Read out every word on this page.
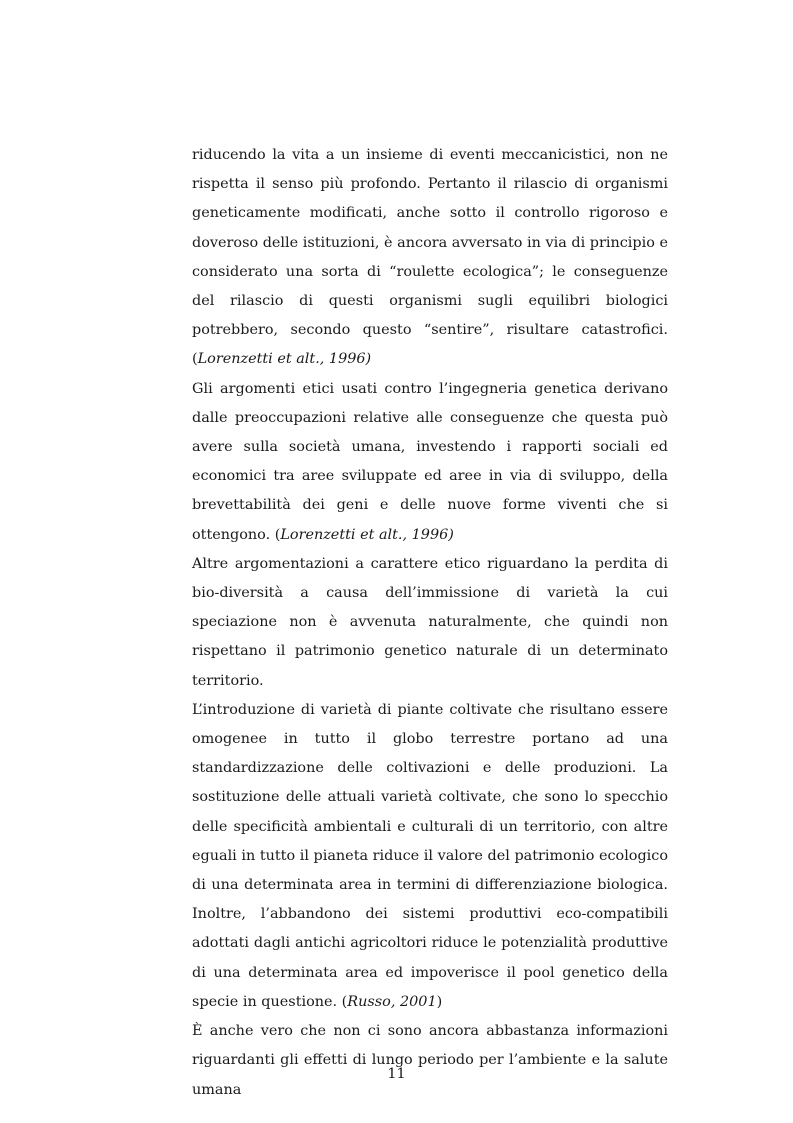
riducendo la vita a un insieme di eventi meccanicistici, non ne rispetta il senso più profondo. Pertanto il rilascio di organismi geneticamente modificati, anche sotto il controllo rigoroso e doveroso delle istituzioni, è ancora avversato in via di principio e considerato una sorta di “roulette ecologica”; le conseguenze del rilascio di questi organismi sugli equilibri biologici potrebbero, secondo questo “sentire”, risultare catastrofici. (Lorenzetti et alt., 1996)

Gli argomenti etici usati contro l’ingegneria genetica derivano dalle preoccupazioni relative alle conseguenze che questa può avere sulla società umana, investendo i rapporti sociali ed economici tra aree sviluppate ed aree in via di sviluppo, della brevettabilità dei geni e delle nuove forme viventi che si ottengono. (Lorenzetti et alt., 1996)

Altre argomentazioni a carattere etico riguardano la perdita di bio-diversità a causa dell’immissione di varietà la cui speciazione non è avvenuta naturalmente, che quindi non rispettano il patrimonio genetico naturale di un determinato territorio.

L’introduzione di varietà di piante coltivate che risultano essere omogenee in tutto il globo terrestre portano ad una standardizzazione delle coltivazioni e delle produzioni. La sostituzione delle attuali varietà coltivate, che sono lo specchio delle specificità ambientali e culturali di un territorio, con altre eguali in tutto il pianeta riduce il valore del patrimonio ecologico di una determinata area in termini di differenziazione biologica. Inoltre, l’abbandono dei sistemi produttivi eco-compatibili adottati dagli antichi agricoltori riduce le potenzialità produttive di una determinata area ed impoverisce il pool genetico della specie in questione. (Russo, 2001)

È anche vero che non ci sono ancora abbastanza informazioni riguardanti gli effetti di lungo periodo per l’ambiente e la salute umana

11
